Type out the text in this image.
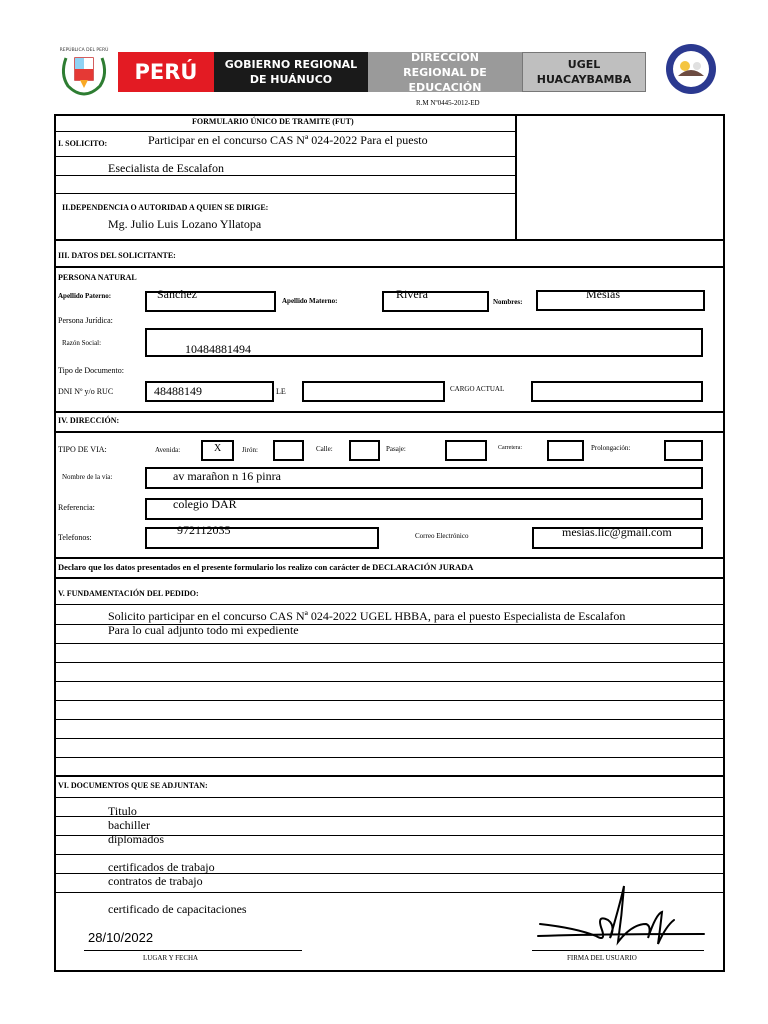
REPÚBLICA DEL PERÚ
PERÚ GOBIERNO REGIONAL DE HUÁNUCO
DIRECCIÓN REGIONAL DE EDUCACIÓN
UGEL HUACAYBAMBA
R.M Nº0445-2012-ED
FORMULARIO ÚNICO DE TRAMITE (FUT)
I. SOLICITO:	Participar en el concurso CAS Nª 024-2022 Para el puesto
Esecialista de Escalafon
II.DEPENDENCIA O AUTORIDAD A QUIEN SE DIRIGE:
Mg. Julio Luis Lozano Yllatopa
III. DATOS DEL SOLICITANTE:
PERSONA NATURAL
Apellido Paterno:	Sanchez	Apellido Materno:	Rivera
Nombres:
Mesias
Persona Jurídica:
Razón Social:	10484881494
Tipo de Documento:
DNI Nº y/o RUC	48488149	LE	CARGO ACTUAL
IV. DIRECCIÓN:
TIPO DE VIA:	Avenida:	X	Jirón:	Calle:	Pasaje:	Carretera:	Prolongación:
Nombre de la vía:	av marañon n 16 pinra
Referencia:	colegio DAR
Telefonos:
972112035	Correo Electrónico	mesias.lic@gmail.com
Declaro que los datos presentados en el presente formulario los realizo con carácter de DECLARACIÓN JURADA
V. FUNDAMENTACIÓN DEL PEDIDO:
Solicito participar en el concurso CAS Nª 024-2022 UGEL HBBA, para el puesto Especialista de Escalafon
Para lo cual adjunto todo mi expediente
VI. DOCUMENTOS QUE SE ADJUNTAN:
Titulo
bachiller
diplomados
certificados de trabajo
contratos de trabajo
certificado de capacitaciones
28/10/2022
LUGAR Y FECHA	FIRMA DEL USUARIO
